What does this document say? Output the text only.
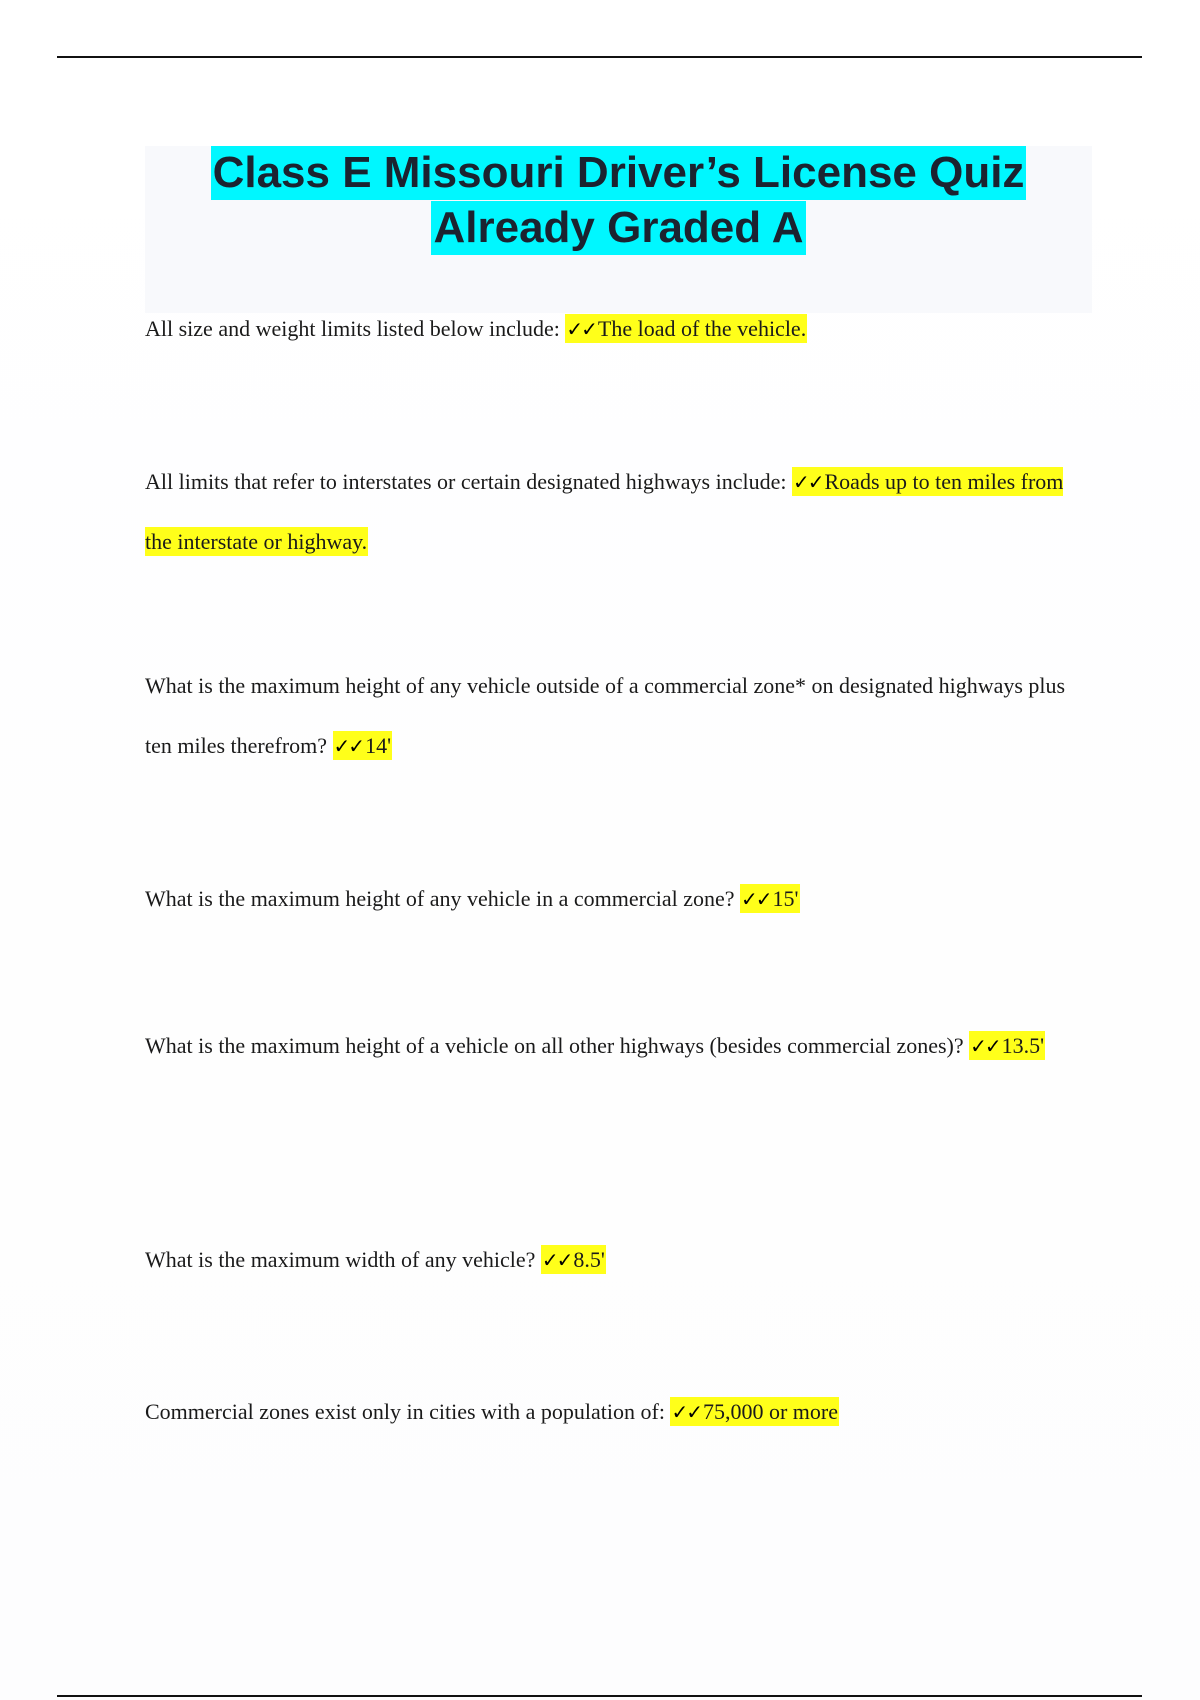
Class E Missouri Driver’s License Quiz
Already Graded A

All size and weight limits listed below include: ✓✓The load of the vehicle.

All limits that refer to interstates or certain designated highways include: ✓✓Roads up to ten miles from the interstate or highway.

What is the maximum height of any vehicle outside of a commercial zone* on designated highways plus ten miles therefrom? ✓✓14'

What is the maximum height of any vehicle in a commercial zone? ✓✓15'

What is the maximum height of a vehicle on all other highways (besides commercial zones)? ✓✓13.5'

What is the maximum width of any vehicle? ✓✓8.5'

Commercial zones exist only in cities with a population of: ✓✓75,000 or more
